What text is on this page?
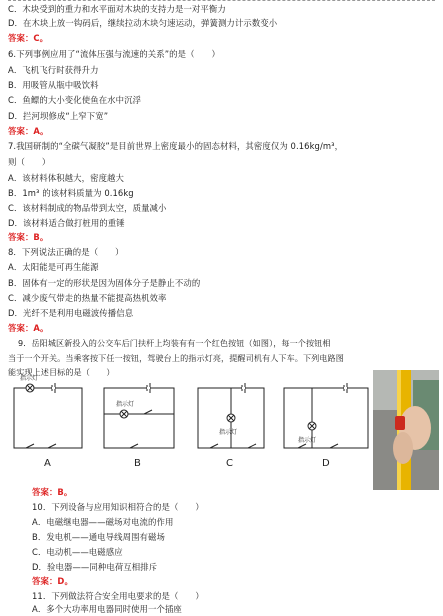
C．木块受到的重力和水平面对木块的支持力是一对平衡力
D．在木块上放一钩码后，继续拉动木块匀速运动，弹簧测力计示数变小
答案：C。
6.下列事例应用了“流体压强与流速的关系”的是（　　）
A．飞机飞行时获得升力
B．用吸管从瓶中吸饮料
C．鱼鳔的大小变化使鱼在水中沉浮
D．拦河坝修成“上窄下宽”
答案：A。
7.我国研制的“全碳气凝胶”是目前世界上密度最小的固态材料，其密度仅为 0.16kg/m³，
则（　　）
A．该材料体积越大，密度越大
B．1m³ 的该材料质量为 0.16kg
C．该材料制成的物品带到太空，质量减小
D．该材料适合做打桩用的重锤
答案：B。
8．下列说法正确的是（　　）
A．太阳能是可再生能源
B．固体有一定的形状是因为固体分子是静止不动的
C．减少废气带走的热量不能提高热机效率
D．光纤不是利用电磁波传播信息
答案：A。
9．岳阳城区新投入的公交车后门扶杆上均装有有一个红色按钮（如图），每一个按钮相
当于一个开关。当乘客按下任一按钮，驾驶台上的指示灯亮，提醒司机有人下车。下列电路图
能实现上述目标的是（　　）
指示灯
指示灯
指示灯
指示灯
A	B	C	D
答案：B。
10．下列设备与应用知识相符合的是（　　）
A．电磁继电器——磁场对电流的作用
B．发电机——通电导线周围有磁场
C．电动机——电磁感应
D．验电器——同种电荷互相排斥
答案：D。
11．下列做法符合安全用电要求的是（　　）
A．多个大功率用电器同时使用一个插座
